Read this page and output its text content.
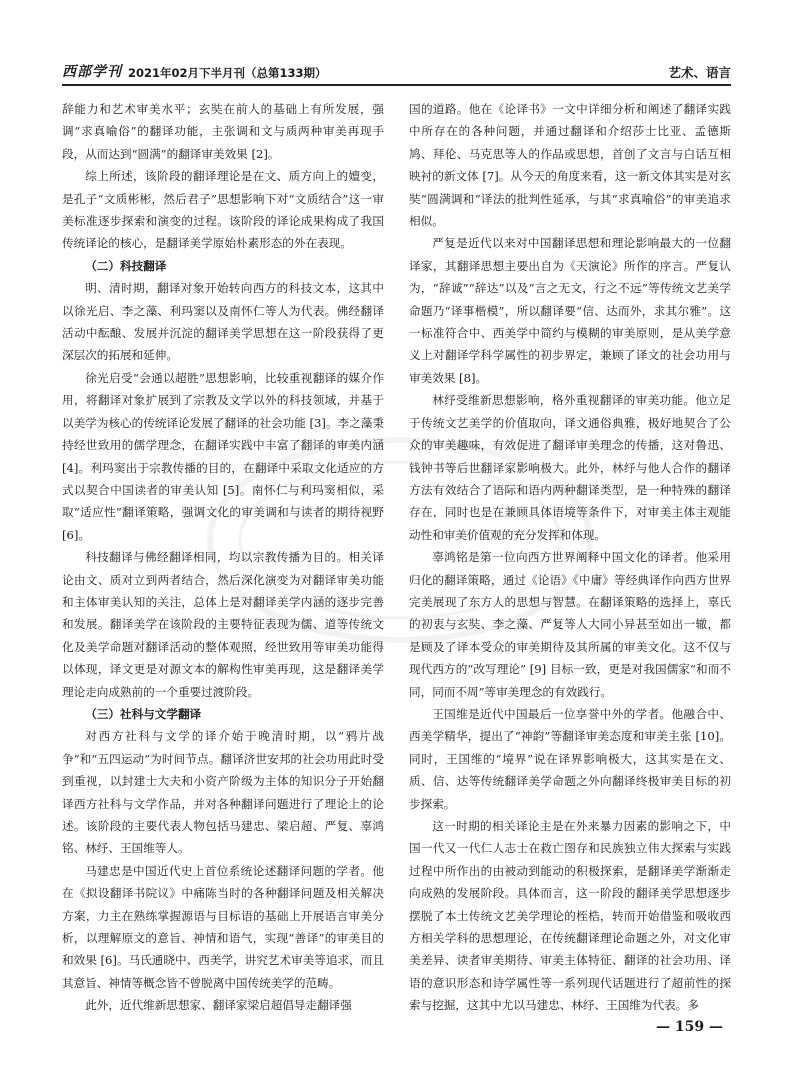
西部学刊 2021年02月下半月刊（总第133期）	艺术、语言

辞能力和艺术审美水平；玄奘在前人的基础上有所发展，强调“求真喻俗”的翻译功能，主张调和文与质两种审美再现手段，从而达到“圆满”的翻译审美效果 [2]。

综上所述，该阶段的翻译理论是在文、质方向上的嬗变，是孔子“文质彬彬，然后君子”思想影响下对“文质结合”这一审美标准逐步探索和演变的过程。该阶段的译论成果构成了我国传统译论的核心，是翻译美学原始朴素形态的外在表现。

（二）科技翻译

明、清时期，翻译对象开始转向西方的科技文本，这其中以徐光启、李之藻、利玛窦以及南怀仁等人为代表。佛经翻译活动中酝酿、发展并沉淀的翻译美学思想在这一阶段获得了更深层次的拓展和延伸。

徐光启受“会通以超胜”思想影响，比较重视翻译的媒介作用，将翻译对象扩展到了宗教及文学以外的科技领域，并基于以美学为核心的传统译论发展了翻译的社会功能 [3]。李之藻秉持经世致用的儒学理念，在翻译实践中丰富了翻译的审美内涵 [4]。利玛窦出于宗教传播的目的，在翻译中采取文化适应的方式以契合中国读者的审美认知 [5]。南怀仁与利玛窦相似，采取“适应性”翻译策略，强调文化的审美调和与读者的期待视野 [6]。

科技翻译与佛经翻译相同，均以宗教传播为目的。相关译论由文、质对立到两者结合，然后深化演变为对翻译审美功能和主体审美认知的关注，总体上是对翻译美学内涵的逐步完善和发展。翻译美学在该阶段的主要特征表现为儒、道等传统文化及美学命题对翻译活动的整体观照，经世致用等审美功能得以体现，译文更是对源文本的解构性审美再现，这是翻译美学理论走向成熟前的一个重要过渡阶段。

（三）社科与文学翻译

对西方社科与文学的译介始于晚清时期，以“鸦片战争”和“五四运动”为时间节点。翻译济世安邦的社会功用此时受到重视，以封建士大夫和小资产阶级为主体的知识分子开始翻译西方社科与文学作品，并对各种翻译问题进行了理论上的论述。该阶段的主要代表人物包括马建忠、梁启超、严复、辜鸿铭、林纾、王国维等人。

马建忠是中国近代史上首位系统论述翻译问题的学者。他在《拟设翻译书院议》中痛陈当时的各种翻译问题及相关解决方案，力主在熟练掌握源语与目标语的基础上开展语言审美分析，以理解原文的意旨、神情和语气，实现“善译”的审美目的和效果 [6]。马氏通晓中、西美学，讲究艺术审美等追求，而且其意旨、神情等概念皆不曾脱离中国传统美学的范畴。

此外，近代维新思想家、翻译家梁启超倡导走翻译强

国的道路。他在《论译书》一文中详细分析和阐述了翻译实践中所存在的各种问题，并通过翻译和介绍莎士比亚、孟德斯鸠、拜伦、马克思等人的作品或思想，首创了文言与白话互相映衬的新文体 [7]。从今天的角度来看，这一新文体其实是对玄奘“圆满调和”译法的批判性延承，与其“求真喻俗”的审美追求相似。

严复是近代以来对中国翻译思想和理论影响最大的一位翻译家，其翻译思想主要出自为《天演论》所作的序言。严复认为，“辞诚”“辞达”以及“言之无文，行之不远”等传统文艺美学命题乃“译事楷模”，所以翻译要“信、达而外，求其尔雅”。这一标准符合中、西美学中简约与模糊的审美原则，是从美学意义上对翻译学科学属性的初步界定，兼顾了译文的社会功用与审美效果 [8]。

林纾受维新思想影响，格外重视翻译的审美功能。他立足于传统文艺美学的价值取向，译文通俗典雅，极好地契合了公众的审美趣味，有效促进了翻译审美理念的传播，这对鲁迅、钱钟书等后世翻译家影响极大。此外，林纾与他人合作的翻译方法有效结合了语际和语内两种翻译类型，是一种特殊的翻译存在，同时也是在兼顾具体语境等条件下，对审美主体主观能动性和审美价值观的充分发挥和体现。

辜鸿铭是第一位向西方世界阐释中国文化的译者。他采用归化的翻译策略，通过《论语》《中庸》等经典译作向西方世界完美展现了东方人的思想与智慧。在翻译策略的选择上，辜氏的初衷与玄奘、李之藻、严复等人大同小异甚至如出一辙，都是顾及了译本受众的审美期待及其所属的审美文化。这不仅与现代西方的“改写理论” [9] 目标一致，更是对我国儒家“和而不同，同而不周”等审美理念的有效践行。

王国维是近代中国最后一位享誉中外的学者。他融合中、西美学精华，提出了“神韵”等翻译审美态度和审美主张 [10]。同时，王国维的“境界”说在译界影响极大，这其实是在文、质、信、达等传统翻译美学命题之外向翻译终极审美目标的初步探索。

这一时期的相关译论主是在外来暴力因素的影响之下，中国一代又一代仁人志士在救亡图存和民族独立伟大探索与实践过程中所作出的由被动到能动的积极探索，是翻译美学渐渐走向成熟的发展阶段。具体而言，这一阶段的翻译美学思想逐步摆脱了本土传统文艺美学理论的桎梏，转而开始借鉴和吸收西方相关学科的思想理论，在传统翻译理论命题之外，对文化审美差异、读者审美期待、审美主体特征、翻译的社会功用、译语的意识形态和诗学属性等一系列现代话题进行了超前性的探索与挖掘，这其中尤以马建忠、林纾、王国维为代表。多

— 159 —
